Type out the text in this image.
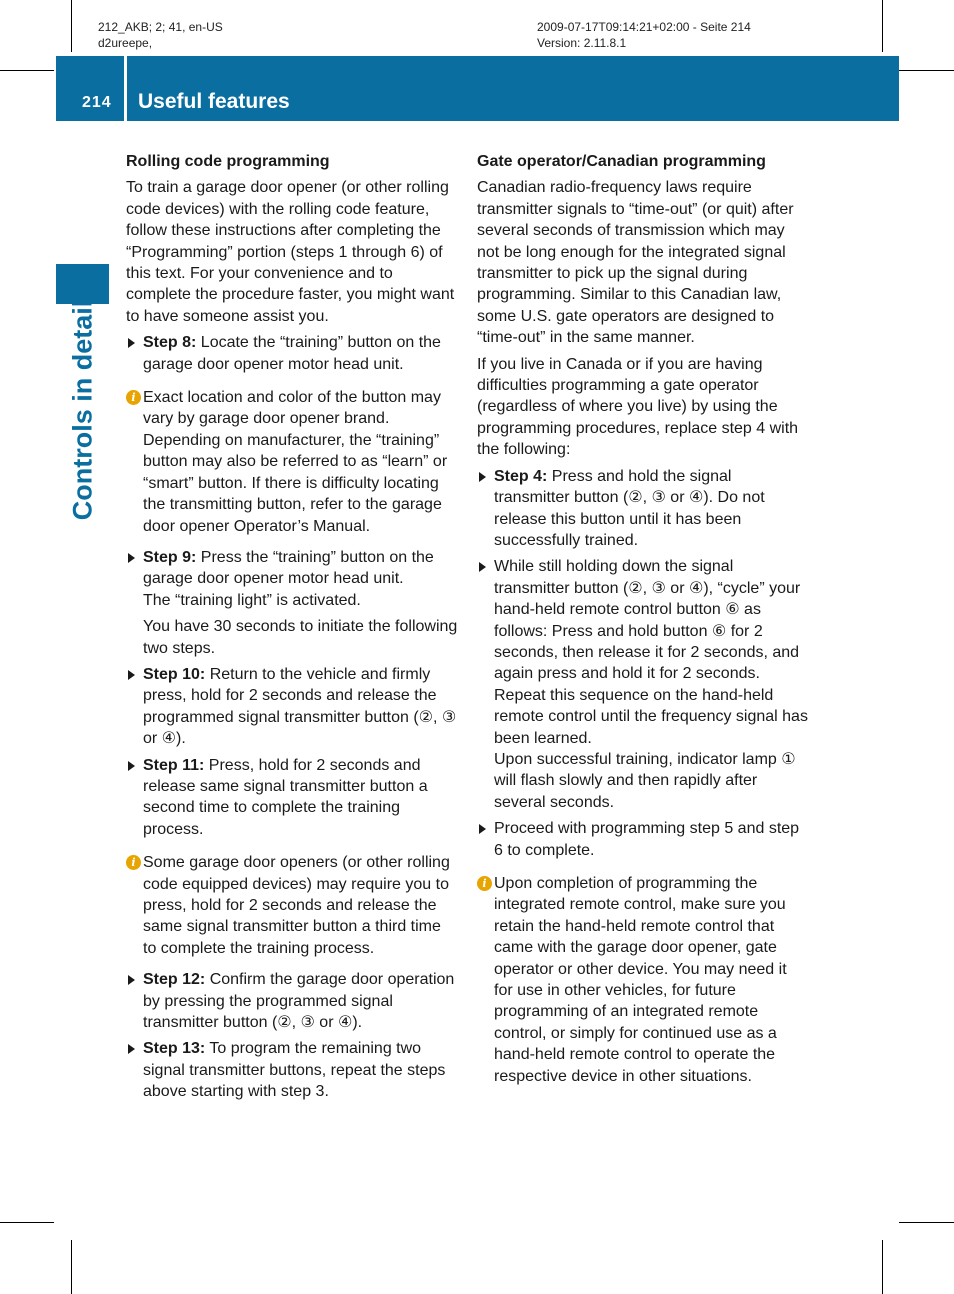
212_AKB; 2; 41, en-US
d2ureepe,
2009-07-17T09:14:21+02:00 - Seite 214
Version: 2.11.8.1
214 Useful features
Controls in detail
Rolling code programming

To train a garage door opener (or other rolling code devices) with the rolling code feature, follow these instructions after completing the “Programming” portion (steps 1 through 6) of this text. For your convenience and to complete the procedure faster, you might want to have someone assist you.

Step 8: Locate the “training” button on the garage door opener motor head unit.
i Exact location and color of the button may vary by garage door opener brand. Depending on manufacturer, the “training” button may also be referred to as “learn” or “smart” button. If there is difficulty locating the transmitting button, refer to the garage door opener Operator’s Manual.
Step 9: Press the “training” button on the garage door opener motor head unit.
The “training light” is activated.

You have 30 seconds to initiate the following two steps.

Step 10: Return to the vehicle and firmly press, hold for 2 seconds and release the programmed signal transmitter button (②, ③ or ④).
Step 11: Press, hold for 2 seconds and release same signal transmitter button a second time to complete the training process.
i Some garage door openers (or other rolling code equipped devices) may require you to press, hold for 2 seconds and release the same signal transmitter button a third time to complete the training process.
Step 12: Confirm the garage door operation by pressing the programmed signal transmitter button (②, ③ or ④).
Step 13: To program the remaining two signal transmitter buttons, repeat the steps above starting with step 3.
Gate operator/Canadian programming

Canadian radio-frequency laws require transmitter signals to “time-out” (or quit) after several seconds of transmission which may not be long enough for the integrated signal transmitter to pick up the signal during programming. Similar to this Canadian law, some U.S. gate operators are designed to “time-out” in the same manner.

If you live in Canada or if you are having difficulties programming a gate operator (regardless of where you live) by using the programming procedures, replace step 4 with the following:

Step 4: Press and hold the signal transmitter button (②, ③ or ④). Do not release this button until it has been successfully trained.
While still holding down the signal transmitter button (②, ③ or ④), “cycle” your hand-held remote control button ⑥ as follows: Press and hold button ⑥ for 2 seconds, then release it for 2 seconds, and again press and hold it for 2 seconds. Repeat this sequence on the hand-held remote control until the frequency signal has been learned.
Upon successful training, indicator lamp ① will flash slowly and then rapidly after several seconds.
Proceed with programming step 5 and step 6 to complete.
i Upon completion of programming the integrated remote control, make sure you retain the hand-held remote control that came with the garage door opener, gate operator or other device. You may need it for use in other vehicles, for future programming of an integrated remote control, or simply for continued use as a hand-held remote control to operate the respective device in other situations.
